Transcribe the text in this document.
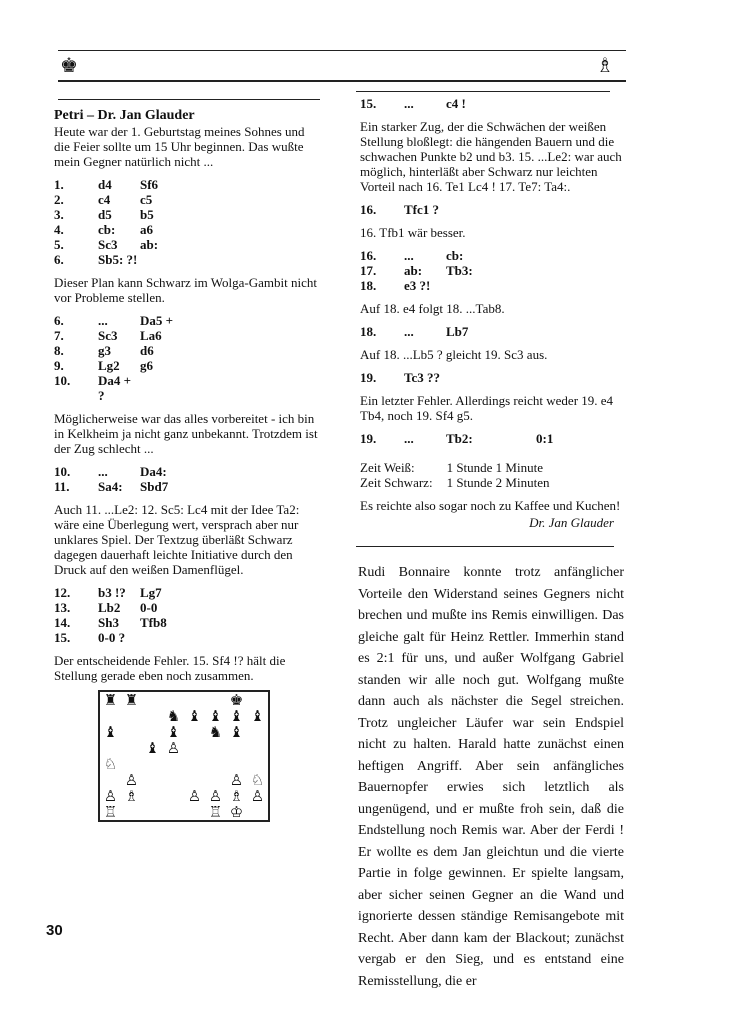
♚	♗
Petri – Dr. Jan Glauder

Heute war der 1. Geburtstag meines Sohnes und die Feier sollte um 15 Uhr beginnen. Das wußte mein Gegner natürlich nicht ...

1.	d4	Sf6
2.	c4	c5
3.	d5	b5
4.	cb:	a6
5.	Sc3	ab:
6.	Sb5: ?!	

Dieser Plan kann Schwarz im Wolga-Gambit nicht vor Probleme stellen.

6.	...	Da5 +
7.	Sc3	La6
8.	g3	d6
9.	Lg2	g6
10.	Da4 + ?	

Möglicherweise war das alles vorbereitet - ich bin in Kelkheim ja nicht ganz unbekannt. Trotzdem ist der Zug schlecht ...

10.	...	Da4:
11.	Sa4:	Sbd7

Auch 11. ...Le2: 12. Sc5: Lc4 mit der Idee Ta2: wäre eine Überlegung wert, versprach aber nur unklares Spiel. Der Textzug überläßt Schwarz dagegen dauerhaft leichte Initiative durch den Druck auf den weißen Damenflügel.

12.	b3 !?	Lg7
13.	Lb2	0-0
14.	Sh3	Tfb8
15.	0-0 ?	

Der entscheidende Fehler. 15. Sf4 !? hält die Stellung gerade eben noch zusammen.

♜ ♜	♚
♞ ♝ ♝ ♝ ♝
♝	♝ ♞ ♝
♝ ♙
♘
♙	♙ ♘
♙ ♗	♙ ♙ ♗ ♙
♖	♖ ♔
15.	...	c4 !

Ein starker Zug, der die Schwächen der weißen Stellung bloßlegt: die hängenden Bauern und die schwachen Punkte b2 und b3. 15. ...Le2: war auch möglich, hinterläßt aber Schwarz nur leichten Vorteil nach 16. Te1 Lc4 ! 17. Te7: Ta4:.

16.	Tfc1 ?	

16. Tfb1 wär besser.

16.	...	cb:
17.	ab:	Tb3:
18.	e3 ?!	

Auf 18. e4 folgt 18. ...Tab8.

18.	...	Lb7

Auf 18. ...Lb5 ? gleicht 19. Sc3 aus.

19.	Tc3 ??	

Ein letzter Fehler. Allerdings reicht weder 19. e4 Tb4, noch 19. Sf4 g5.

19.	...	Tb2:	0:1
Zeit Weiß:	1 Stunde 1 Minute
Zeit Schwarz:	1 Stunde 2 Minuten

Es reichte also sogar noch zu Kaffee und Kuchen!

Dr. Jan Glauder
Rudi Bonnaire konnte trotz anfänglicher Vorteile den Widerstand seines Gegners nicht brechen und mußte ins Remis einwilligen. Das gleiche galt für Heinz Rettler. Immerhin stand es 2:1 für uns, und außer Wolfgang Gabriel standen wir alle noch gut. Wolfgang mußte dann auch als nächster die Segel streichen. Trotz ungleicher Läufer war sein Endspiel nicht zu halten. Harald hatte zunächst einen heftigen Angriff. Aber sein anfängliches Bauernopfer erwies sich letztlich als ungenügend, und er mußte froh sein, daß die Endstellung noch Remis war. Aber der Ferdi ! Er wollte es dem Jan gleichtun und die vierte Partie in folge gewinnen. Er spielte langsam, aber sicher seinen Gegner an die Wand und ignorierte dessen ständige Remisangebote mit Recht. Aber dann kam der Blackout; zunächst vergab er den Sieg, und es entstand eine Remisstellung, die er
30
